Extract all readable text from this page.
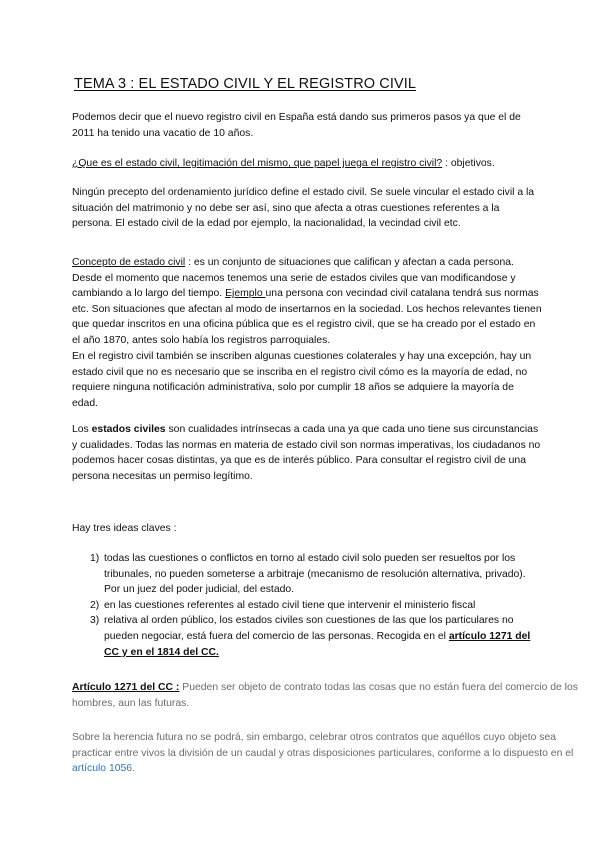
TEMA 3 : EL ESTADO CIVIL Y EL REGISTRO CIVIL

Podemos decir que el nuevo registro civil en España está dando sus primeros pasos ya que el de 2011 ha tenido una vacatio de 10 años.

¿Que es el estado civil, legitimación del mismo, que papel juega el registro civil? : objetivos.

Ningún precepto del ordenamiento jurídico define el estado civil. Se suele vincular el estado civil a la situación del matrimonio y no debe ser así, sino que afecta a otras cuestiones referentes a la persona. El estado civil de la edad por ejemplo, la nacionalidad, la vecindad civil etc.

Concepto de estado civil : es un conjunto de situaciones que califican y afectan a cada persona. Desde el momento que nacemos tenemos una serie de estados civiles que van modificandose y cambiando a lo largo del tiempo. Ejemplo una persona con vecindad civil catalana tendrá sus normas etc. Son situaciones que afectan al modo de insertarnos en la sociedad. Los hechos relevantes tienen que quedar inscritos en una oficina pública que es el registro civil, que se ha creado por el estado en el año 1870, antes solo había los registros parroquiales.

En el registro civil también se inscriben algunas cuestiones colaterales y hay una excepción, hay un estado civil que no es necesario que se inscriba en el registro civil cómo es la mayoría de edad, no requiere ninguna notificación administrativa, solo por cumplir 18 años se adquiere la mayoría de edad.

Los estados civiles son cualidades intrínsecas a cada una ya que cada uno tiene sus circunstancias y cualidades. Todas las normas en materia de estado civil son normas imperativas, los ciudadanos no podemos hacer cosas distintas, ya que es de interés público. Para consultar el registro civil de una persona necesitas un permiso legítimo.

Hay tres ideas claves :

1) todas las cuestiones o conflictos en torno al estado civil solo pueden ser resueltos por los tribunales, no pueden someterse a arbitraje (mecanismo de resolución alternativa, privado). Por un juez del poder judicial, del estado.
2) en las cuestiones referentes al estado civil tiene que intervenir el ministerio fiscal
3) relativa al orden público, los estados civiles son cuestiones de las que los particulares no pueden negociar, está fuera del comercio de las personas. Recogida en el artículo 1271 del CC y en el 1814 del CC.

Artículo 1271 del CC : Pueden ser objeto de contrato todas las cosas que no están fuera del comercio de los hombres, aun las futuras.

Sobre la herencia futura no se podrá, sin embargo, celebrar otros contratos que aquéllos cuyo objeto sea practicar entre vivos la división de un caudal y otras disposiciones particulares, conforme a lo dispuesto en el artículo 1056.
